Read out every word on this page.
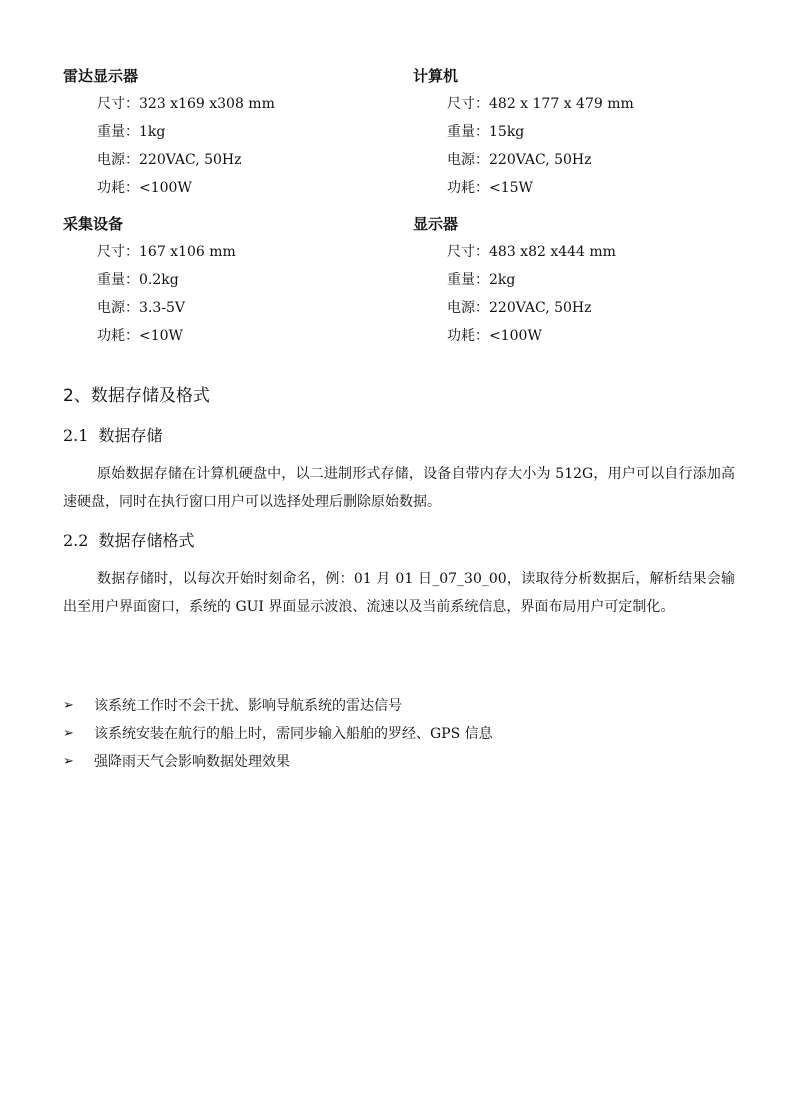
雷达显示器
尺寸：323 x169 x308 mm
重量：1kg
电源：220VAC, 50Hz
功耗：<100W
计算机
尺寸：482 x 177 x 479 mm
重量：15kg
电源：220VAC, 50Hz
功耗：<15W
采集设备
尺寸：167 x106 mm
重量：0.2kg
电源：3.3-5V
功耗：<10W
显示器
尺寸：483 x82 x444 mm
重量：2kg
电源：220VAC, 50Hz
功耗：<100W
2、数据存储及格式
2.1 数据存储
原始数据存储在计算机硬盘中，以二进制形式存储，设备自带内存大小为 512G，用户可以自行添加高速硬盘，同时在执行窗口用户可以选择处理后删除原始数据。
2.2 数据存储格式
数据存储时，以每次开始时刻命名，例：01 月 01 日_07_30_00，读取待分析数据后，解析结果会输出至用户界面窗口，系统的 GUI 界面显示波浪、流速以及当前系统信息，界面布局用户可定制化。
➢	该系统工作时不会干扰、影响导航系统的雷达信号
➢	该系统安装在航行的船上时，需同步输入船舶的罗经、GPS 信息
➢	强降雨天气会影响数据处理效果
